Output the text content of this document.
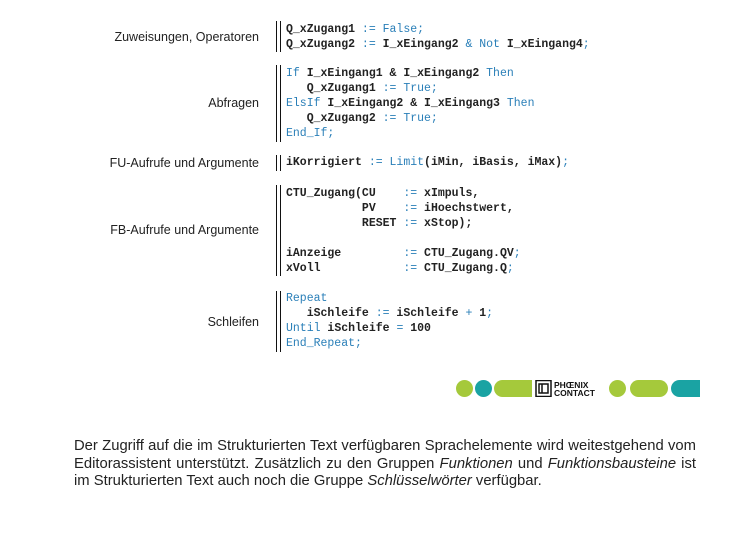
Zuweisungen, Operatoren
Abfragen
FU-Aufrufe und Argumente
FB-Aufrufe und Argumente
Schleifen
Q_xZugang1 := False;
Q_xZugang2 := I_xEingang2 & Not I_xEingang4;
If I_xEingang1 & I_xEingang2 Then
Q_xZugang1 := True;
ElsIf I_xEingang2 & I_xEingang3 Then
Q_xZugang2 := True;
End_If;
iKorrigiert := Limit(iMin, iBasis, iMax);
CTU_Zugang(CU    := xImpuls,
PV    := iHoechstwert,
RESET := xStop);

iAnzeige         := CTU_Zugang.QV;
xVoll            := CTU_Zugang.Q;
Repeat
iSchleife := iSchleife + 1;
Until iSchleife = 100
End_Repeat;
PHŒNIX
CONTACT
Der Zugriff auf die im Strukturierten Text verfügbaren Sprachelemente wird weitestgehend vom Editorassistent unterstützt. Zusätzlich zu den Gruppen Funktionen und Funktionsbausteine ist im Strukturierten Text auch noch die Gruppe Schlüsselwörter verfügbar.
